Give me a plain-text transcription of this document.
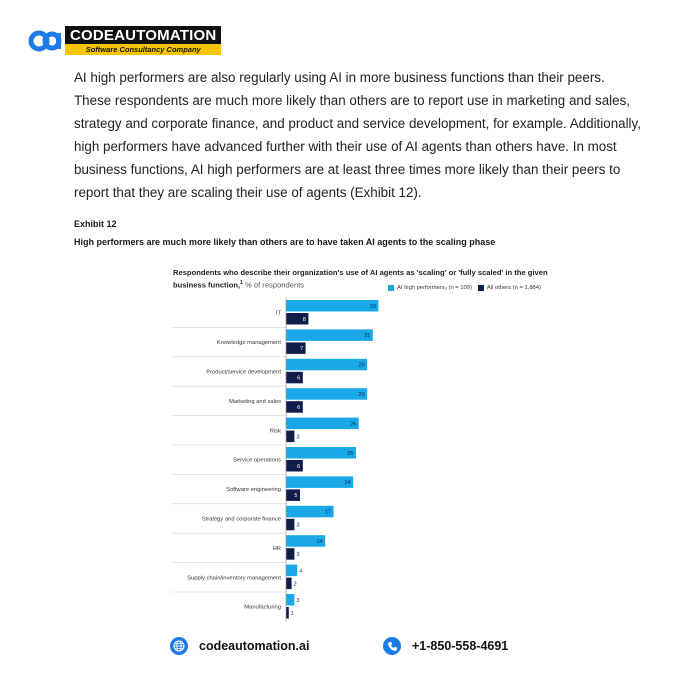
CODEAUTOMATION
Software Consultancy Company

AI high performers are also regularly using AI in more business functions than their peers. These respondents are much more likely than others are to report use in marketing and sales, strategy and corporate finance, and product and service development, for example. Additionally, high performers have advanced further with their use of AI agents than others have. In most business functions, AI high performers are at least three times more likely than their peers to report that they are scaling their use of agents (Exhibit 12).

Exhibit 12

High performers are much more likely than others are to have taken AI agents to the scaling phase

Respondents who describe their organization's use of AI agents as 'scaling' or 'fully scaled' in the given business function,$^1$ % of respondents	AI high performers 2
(n = 109)	All others
(n = 1,884)
IT
33
8
Knowledge management
31
7
Product/service development
29
6
Marketing and sales
29
6
Risk
26
3
Service operations
25
6
Software engineering
24
5
Strategy and corporate finance
17
3
HR
14
3
Supply chain/inventory management
4
2
Manufacturing
3
1
codeautomation.ai	+1-850-558-4691
